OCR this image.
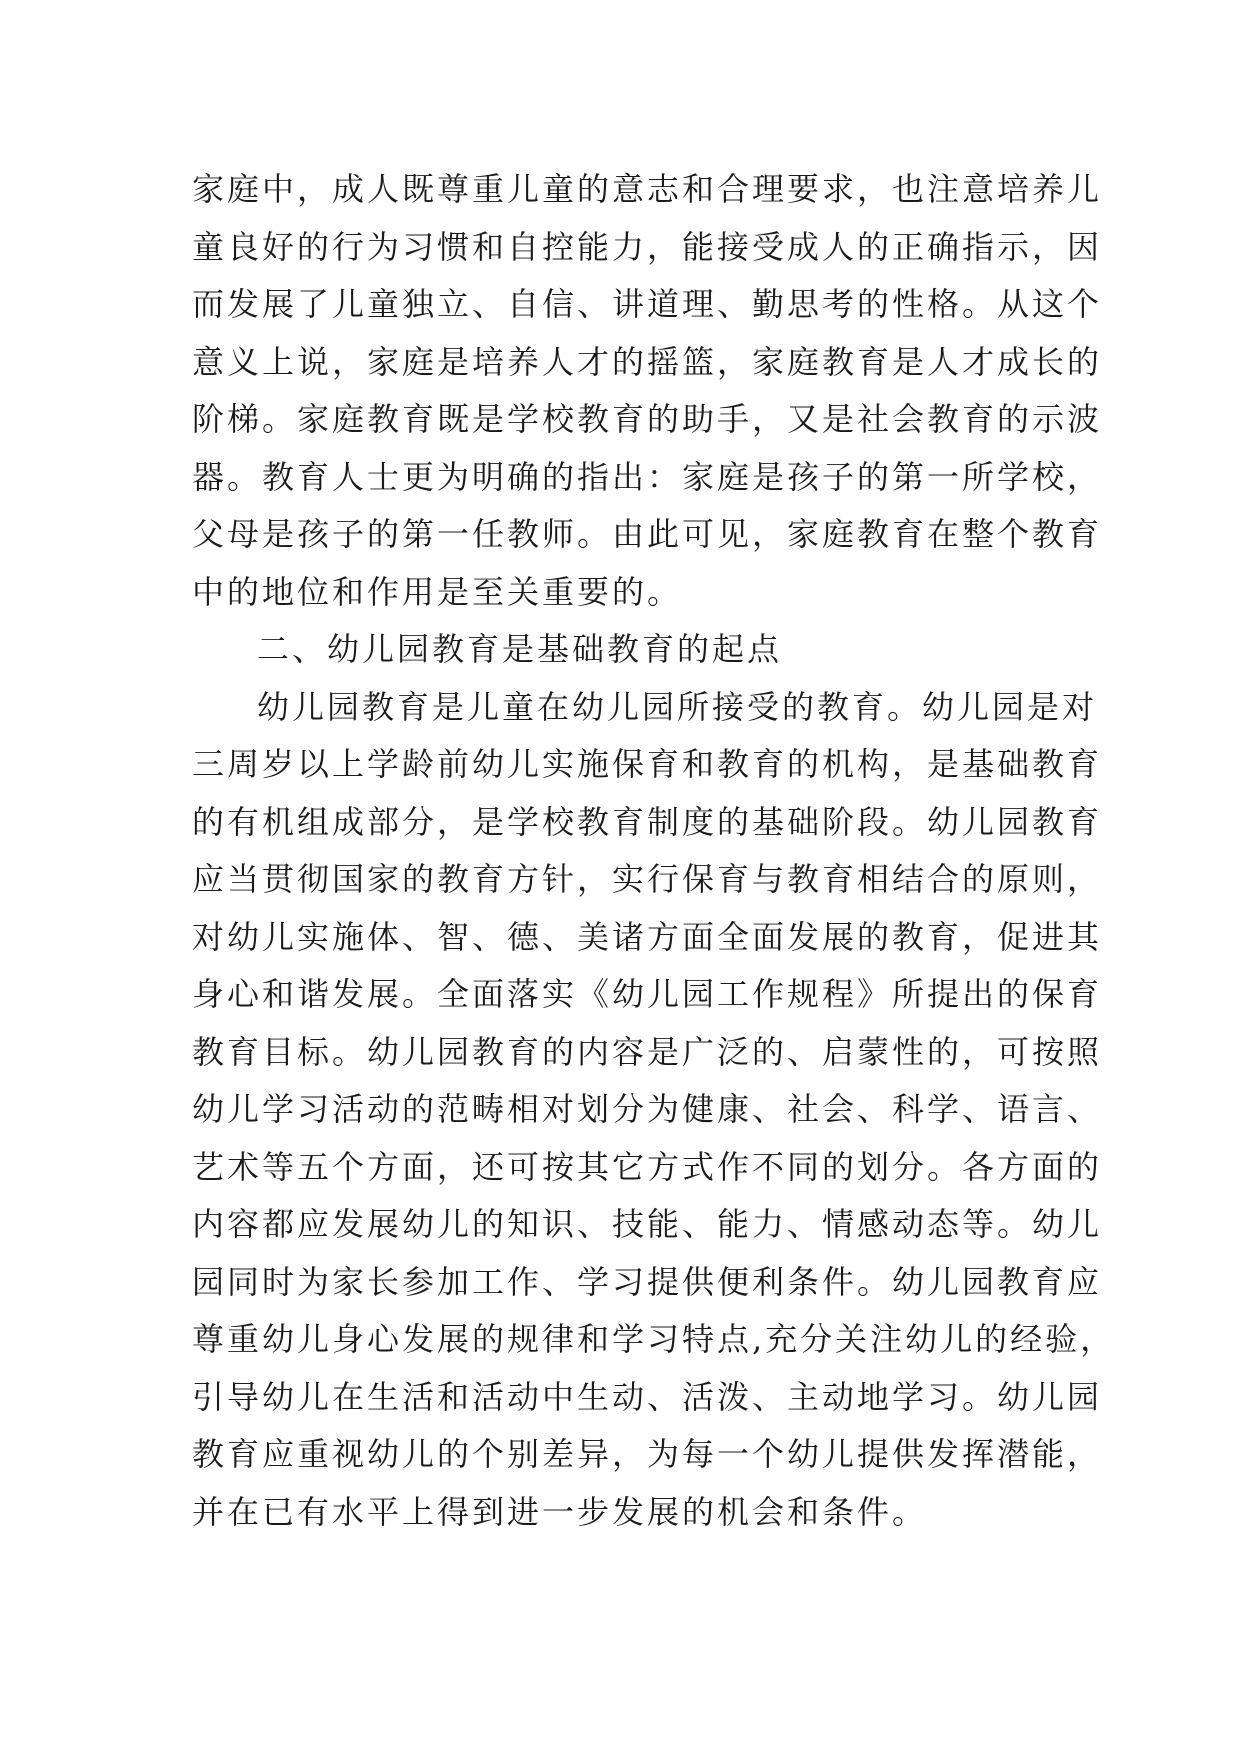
家庭中，成人既尊重儿童的意志和合理要求，也注意培养儿

童良好的行为习惯和自控能力，能接受成人的正确指示，因

而发展了儿童独立、自信、讲道理、勤思考的性格。从这个

意义上说，家庭是培养人才的摇篮，家庭教育是人才成长的

阶梯。家庭教育既是学校教育的助手，又是社会教育的示波

器。教育人士更为明确的指出：家庭是孩子的第一所学校，

父母是孩子的第一任教师。由此可见，家庭教育在整个教育

中的地位和作用是至关重要的。

二、幼儿园教育是基础教育的起点

幼儿园教育是儿童在幼儿园所接受的教育。幼儿园是对

三周岁以上学龄前幼儿实施保育和教育的机构，是基础教育

的有机组成部分，是学校教育制度的基础阶段。幼儿园教育

应当贯彻国家的教育方针，实行保育与教育相结合的原则，

对幼儿实施体、智、德、美诸方面全面发展的教育，促进其

身心和谐发展。全面落实《幼儿园工作规程》所提出的保育

教育目标。幼儿园教育的内容是广泛的、启蒙性的，可按照

幼儿学习活动的范畴相对划分为健康、社会、科学、语言、

艺术等五个方面，还可按其它方式作不同的划分。各方面的

内容都应发展幼儿的知识、技能、能力、情感动态等。幼儿

园同时为家长参加工作、学习提供便利条件。幼儿园教育应

尊重幼儿身心发展的规律和学习特点,充分关注幼儿的经验，

引导幼儿在生活和活动中生动、活泼、主动地学习。幼儿园

教育应重视幼儿的个别差异，为每一个幼儿提供发挥潜能，

并在已有水平上得到进一步发展的机会和条件。
